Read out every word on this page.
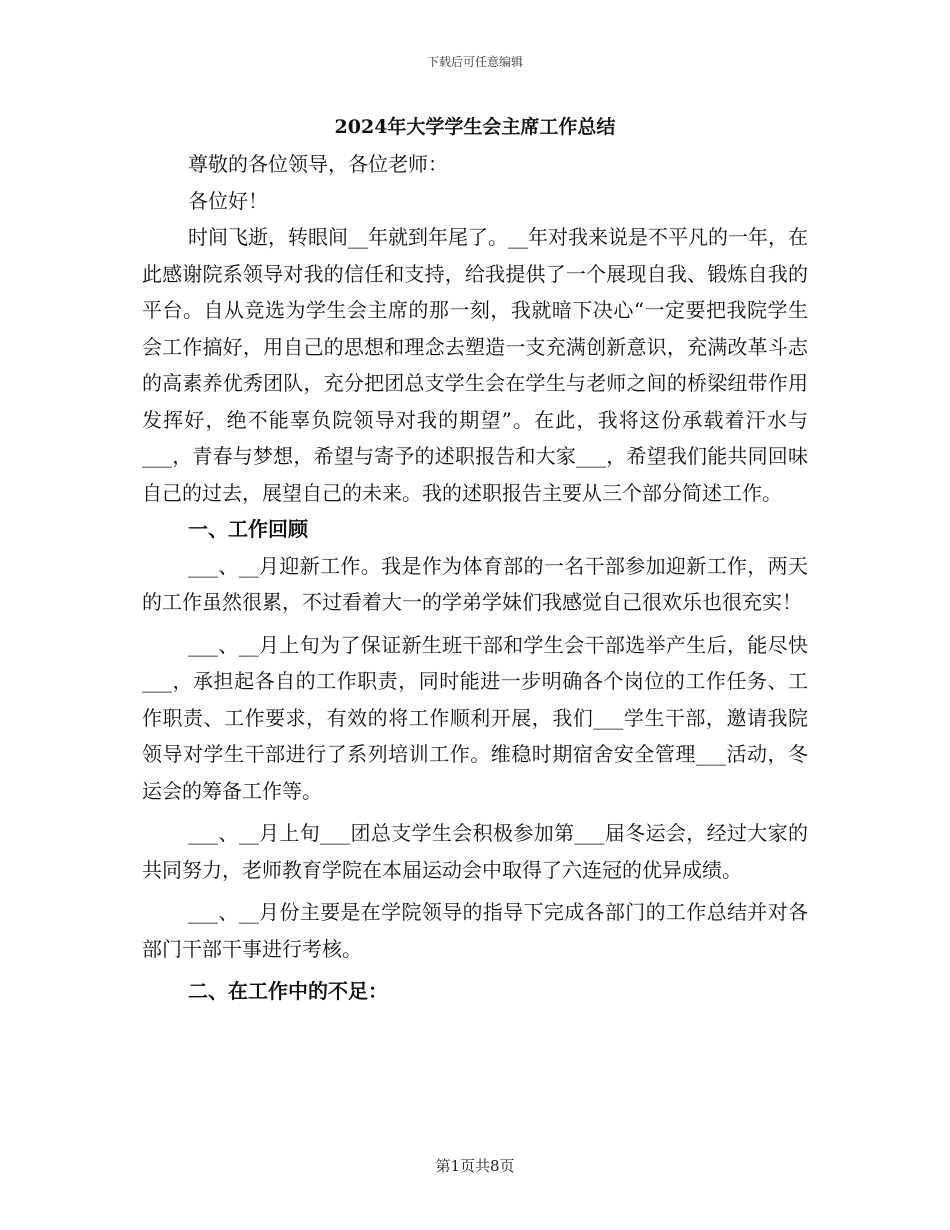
下载后可任意编辑
2024年大学学生会主席工作总结

尊敬的各位领导，各位老师：

各位好！

时间飞逝，转眼间__年就到年尾了。__年对我来说是不平凡的一年，在此感谢院系领导对我的信任和支持，给我提供了一个展现自我、锻炼自我的平台。自从竞选为学生会主席的那一刻，我就暗下决心“一定要把我院学生会工作搞好，用自己的思想和理念去塑造一支充满创新意识，充满改革斗志的高素养优秀团队，充分把团总支学生会在学生与老师之间的桥梁纽带作用发挥好，绝不能辜负院领导对我的期望”。在此，我将这份承载着汗水与___，青春与梦想，希望与寄予的述职报告和大家___，希望我们能共同回味自己的过去，展望自己的未来。我的述职报告主要从三个部分简述工作。

一、工作回顾

___、__月迎新工作。我是作为体育部的一名干部参加迎新工作，两天的工作虽然很累，不过看着大一的学弟学妹们我感觉自己很欢乐也很充实！

___、__月上旬为了保证新生班干部和学生会干部选举产生后，能尽快___，承担起各自的工作职责，同时能进一步明确各个岗位的工作任务、工作职责、工作要求，有效的将工作顺利开展，我们___学生干部，邀请我院领导对学生干部进行了系列培训工作。维稳时期宿舍安全管理___活动，冬运会的筹备工作等。

___、__月上旬___团总支学生会积极参加第___届冬运会，经过大家的共同努力，老师教育学院在本届运动会中取得了六连冠的优异成绩。

___、__月份主要是在学院领导的指导下完成各部门的工作总结并对各部门干部干事进行考核。

二、在工作中的不足：

第1页共8页
